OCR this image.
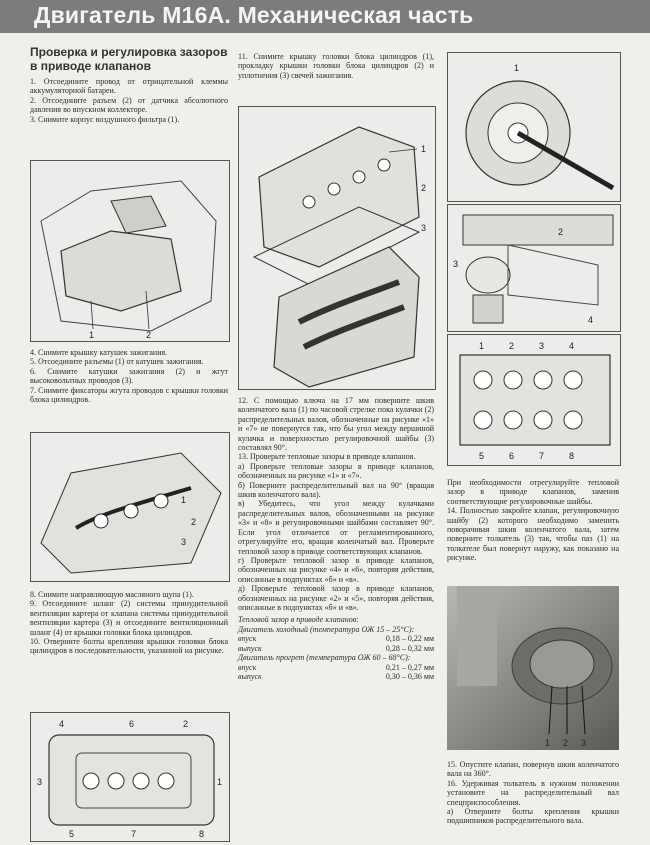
Двигатель M16A. Механическая часть
Проверка и регулировка зазоров в приводе клапанов

1. Отсоедините провод от отрицательной клеммы аккумуляторной батареи.

2. Отсоедините разъем (2) от датчика абсолютного давления во впускном коллекторе.

3. Снимите корпус воздушного фильтра (1).

1	2

4. Снимите крышку катушек зажигания.

5. Отсоедините разъемы (1) от катушек зажигания.

6. Снимите катушки зажигания (2) и жгут высоковольтных проводов (3).

7. Снимите фиксаторы жгута проводов с крышки головки блока цилиндров.

1
2
3

8. Снимите направляющую масляного щупа (1).

9. Отсоедините шланг (2) системы принудительной вентиляции картера от клапана системы принудительной вентиляции картера (3) и отсоедините вентиляционный шланг (4) от крышки головки блока цилиндров.

10. Отверните болты крепления крышки головки блока цилиндров в последовательности, указанной на рисунке.

4	6	2
3	1
5	7	8

11. Снимите крышку головки блока цилиндров (1), прокладку крышки головки блока цилиндров (2) и уплотнения (3) свечей зажигания.

1
2
3

12. С помощью ключа на 17 мм поверните шкив коленчатого вала (1) по часовой стрелке пока кулачки (2) распределительных валов, обозначенные на рисунке «1» и «7» не повернутся так, что бы угол между вершиной кулачка и поверхностью регулировочной шайбы (3) составлял 90°.

13. Проверьте тепловые зазоры в приводе клапанов.

а) Проверьте тепловые зазоры в приводе клапанов, обозначенных на рисунке «1» и «7».

б) Поверните распределительный вал на 90° (вращая шкив коленчатого вала).

в) Убедитесь, что угол между кулачками распределительных валов, обозначенными на рисунке «3» и «8» и регулировочными шайбами составляет 90°. Если угол отличается от регламентированного, отрегулируйте его, вращая коленчатый вал. Проверьте тепловой зазор в приводе соответствующих клапанов.

г) Проверьте тепловой зазор в приводе клапанов, обозначенных на рисунке «4» и «6», повторяя действия, описанные в подпунктах «б» и «в».

д) Проверьте тепловой зазор в приводе клапанов, обозначенных на рисунке «2» и «5», повторяя действия, описанные в подпунктах «б» и «в».

Тепловой зазор в приводе клапанов:

Двигатель холодный (температура ОЖ 15 – 25°C):

впуск		0,18 – 0,22 мм
выпуск		0,28 – 0,32 мм

Двигатель прогрет (температура ОЖ 60 – 68°C):

впуск		0,21 – 0,27 мм
выпуск		0,30 – 0,36 мм
1
3
2
4
1	2	3	4
5	6	7	8

При необходимости отрегулируйте тепловой зазор в приводе клапанов, заменив соответствующие регулировочные шайбы.

14. Полностью закройте клапан, регулировочную шайбу (2) которого необходимо заменить поворачивая шкив коленчатого вала, затем поверните толкатель (3) так, чтобы паз (1) на толкателе был повернут наружу, как показано на рисунке.

1 2 3

15. Опустите клапан, повернув шкив коленчатого вала на 360°.

16. Удерживая толкатель в нужном положении установите на распределительный вал спецприспособления.

а) Отверните болты крепления крышки подшипников распределительного вала.
